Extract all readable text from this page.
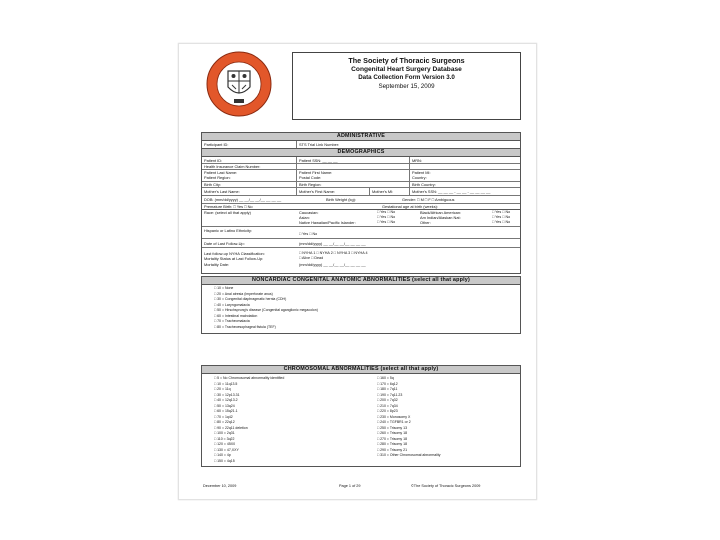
The Society of Thoracic Surgeons
Congenital Heart Surgery Database
Data Collection Form Version 3.0
September 15, 2009
ADMINISTRATIVE
Participant ID:	STS Trial Link Number:
DEMOGRAPHICS
Patient ID:	Patient SSN: __ __ __	MRN:
Health Insurance Claim Number:
Patient Last Name:	Patient First Name:	Patient MI:
Patient Region:	Postal Code:	Country:
Birth City:	Birth Region:	Birth Country:
Mother's Last Name:	Mother's First Name:	Mother's MI:	Mother's SSN: __ __ __ - __ __ - __ __ __ __
DOB: (mm/dd/yyyy) __ __/__ __/__ __ __ __	Birth Weight (kg):	Gender: □ M □ F □ Ambiguous
Premature Birth: □ Yes □ No	Gestational age at birth (weeks):
Race: (select all that apply)	Caucasian:	□ Yes □ No
Asian:	□ Yes □ No
Native Hawaiian/Pacific Islander:	□ Yes □ No
Black/African American:	□ Yes □ No
Am Indian/Alaskan Nat:	□ Yes □ No
Other:	□ Yes □ No
Hispanic or Latino Ethnicity:
□ Yes □ No
Date of Last Follow-Up:	(mm/dd/yyyy) __ __/__ __/__ __ __ __
Last follow-up NYHA Classification:	□ NYHA 1 □ NYHA 2 □ NYHA 3 □ NYHA 4
Mortality Status at Last Follow-Up:	□ Alive □ Dead
Mortality Date:	(mm/dd/yyyy) __ __/__ __/__ __ __ __
NONCARDIAC CONGENITAL ANATOMIC ABNORMALITIES (select all that apply)
□ 10 = None
□ 20 = Anal atresia (imperforate anus)
□ 30 = Congenital diaphragmatic hernia (CDH)
□ 40 = Laryngomalacia
□ 50 = Hirschsprung's disease (Congenital aganglionic megacolon)
□ 60 = Intestinal malrotation
□ 70 = Tracheomalacia
□ 80 = Tracheoesophageal fistula (TEF)
CHROMOSOMAL ABNORMALITIES (select all that apply)
□ 5 = No Chromosomal abnormality identified
□ 10 = 11q13.5
□ 20 = 11q
□ 30 = 12p13.31
□ 40 = 12q13.2
□ 50 = 13q24
□ 60 = 15q21.1
□ 70 = 1q42
□ 80 = 22q12
□ 90 = 22q11 deletion
□ 100 = 2q31
□ 110 = 3q22
□ 120 = 45X0
□ 130 = 47,XXY
□ 140 = 4p
□ 150 = 4q15
□ 160 = 5q
□ 170 = 6q12
□ 180 = 7q11
□ 190 = 7q11.23
□ 200 = 7q32
□ 210 = 7q34
□ 220 = 8p23
□ 230 = Monosomy X
□ 240 = TGFBR1 or 2
□ 250 = Trisomy 13
□ 260 = Trisomy 18
□ 270 = Trisomy 18
□ 280 = Trisomy 18
□ 290 = Trisomy 21
□ 310 = Other Chromosomal abnormality
December 10, 2009	Page 1 of 29	©The Society of Thoracic Surgeons 2009
